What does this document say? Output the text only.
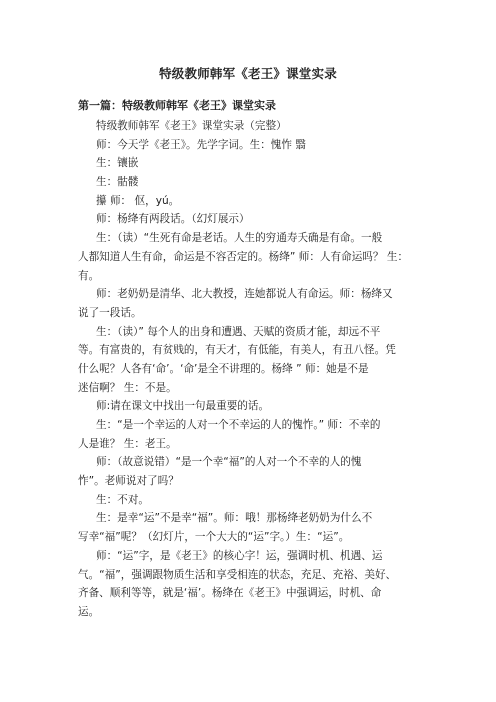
特级教师韩军《老王》课堂实录
第一篇：特级教师韩军《老王》课堂实录
特级教师韩军《老王》课堂实录（完整）
师：今天学《老王》。先学字词。生：愧怍 翳
生：镶嵌
生：骷髅
攥 师： 伛，yú。
师：杨绛有两段话。（幻灯展示）
生：（读）“生死有命是老话。人生的穷通寿夭确是有命。一般
人都知道人生有命，命运是不容否定的。杨绛” 师：人有命运吗？ 生：
有。
师：老奶奶是清华、北大教授，连她都说人有命运。师：杨绛又
说了一段话。
生：（读）” 每个人的出身和遭遇、天赋的资质才能，却远不平
等。有富贵的，有贫贱的，有天才，有低能，有美人，有丑八怪。凭
什么呢？人各有‘命’。‘命’是全不讲理的。杨绛 ” 师：她是不是
迷信啊？ 生：不是。
师:请在课文中找出一句最重要的话。
生：“是一个幸运的人对一个不幸运的人的愧怍。” 师：不幸的
人是谁？ 生：老王。
师：（故意说错）“是一个幸“福”的人对一个不幸的人的愧
怍”。老师说对了吗？
生：不对。
生：是幸“运”不是幸“福”。师：哦！那杨绛老奶奶为什么不
写幸“福”呢？（幻灯片，一个大大的“运”字。）生：“运”。
师：“运”字，是《老王》的核心字！运，强调时机、机遇、运
气。“福”，强调跟物质生活和享受相连的状态，充足、充裕、美好、
齐备、顺利等等，就是‘福’。杨绛在《老王》中强调运，时机、命
运。
